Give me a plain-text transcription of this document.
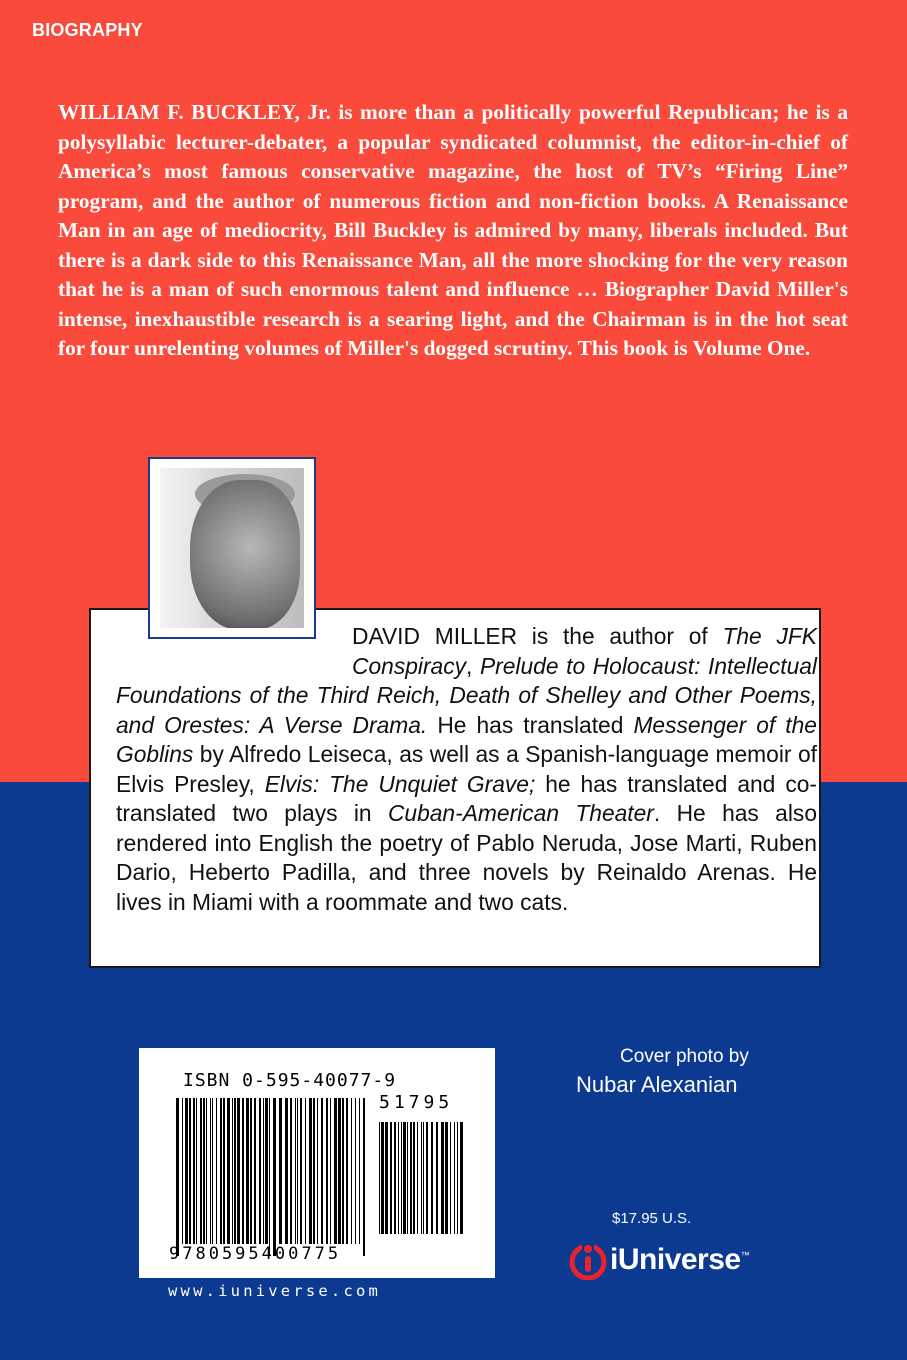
BIOGRAPHY
WILLIAM F. BUCKLEY, Jr. is more than a politically powerful Republican; he is a polysyllabic lecturer-debater, a popular syndicated columnist, the editor-in-chief of America’s most famous conservative magazine, the host of TV’s “Firing Line” program, and the author of numerous fiction and non-fiction books. A Renaissance Man in an age of mediocrity, Bill Buckley is admired by many, liberals included. But there is a dark side to this Renaissance Man, all the more shocking for the very reason that he is a man of such enormous talent and influence … Biographer David Miller's intense, inexhaustible research is a searing light, and the Chairman is in the hot seat for four unrelenting volumes of Miller's dogged scrutiny. This book is Volume One.
DAVID MILLER is the author of The JFK Conspiracy, Prelude to Holocaust: Intellectual Foundations of the Third Reich, Death of Shelley and Other Poems, and Orestes: A Verse Drama. He has translated Messenger of the Goblins by Alfredo Leiseca, as well as a Spanish-language memoir of Elvis Presley, Elvis: The Unquiet Grave; he has translated and co-translated two plays in Cuban-American Theater. He has also rendered into English the poetry of Pablo Neruda, Jose Marti, Ruben Dario, Heberto Padilla, and three novels by Reinaldo Arenas. He lives in Miami with a roommate and two cats.
ISBN 0-595-40077-9
51795
9780595400775
www.iuniverse.com
Cover photo by
Nubar Alexanian
$17.95 U.S.
iUniverse™
